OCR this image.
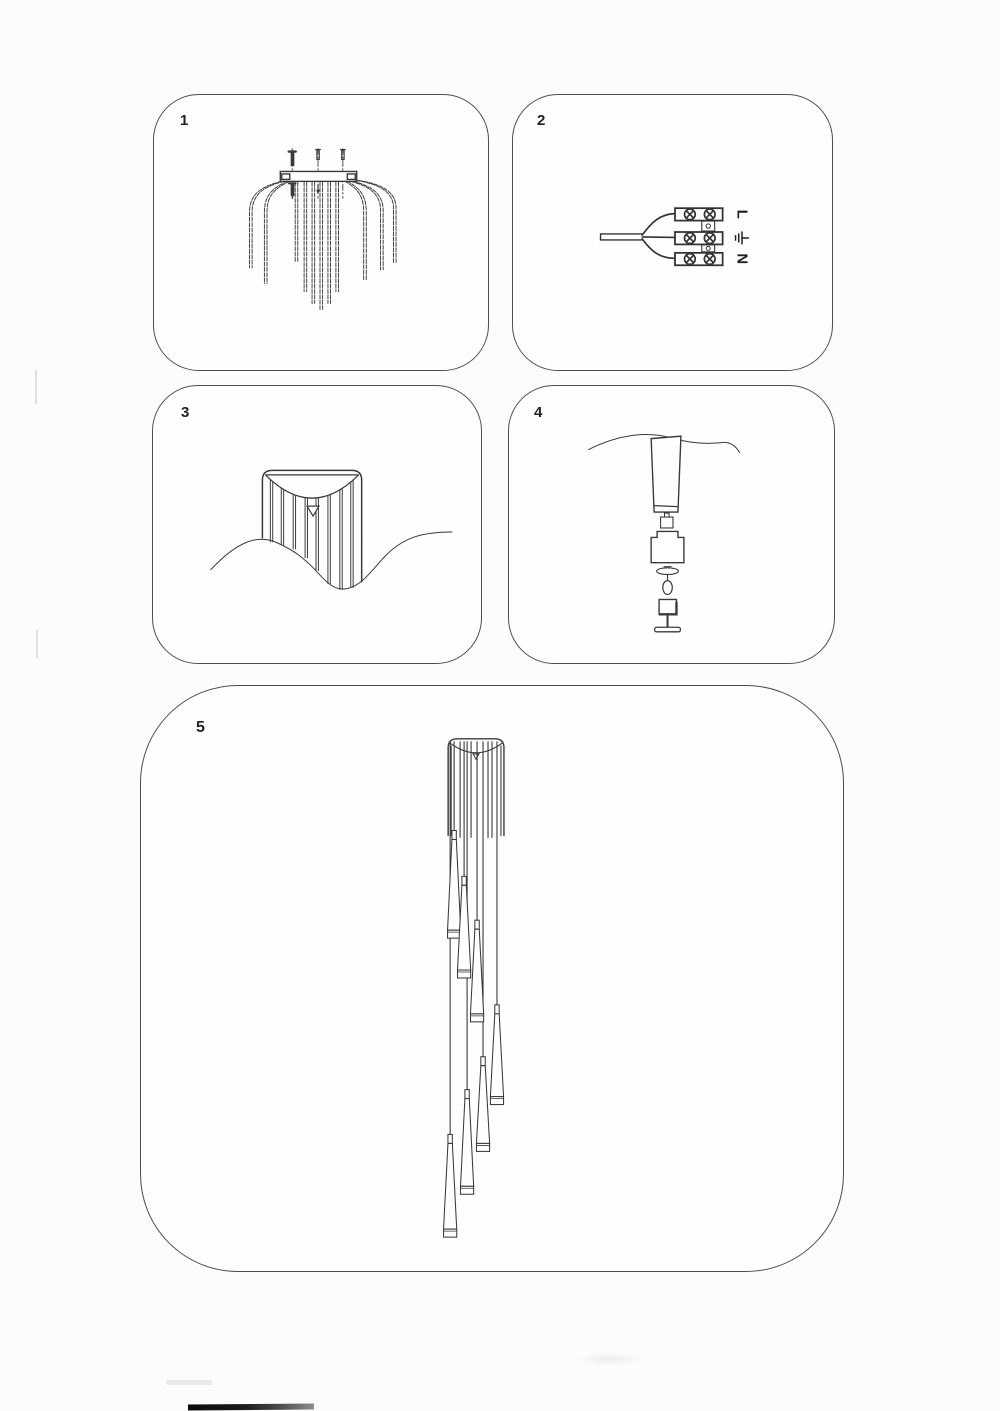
1	2
L
N
3	4
5
